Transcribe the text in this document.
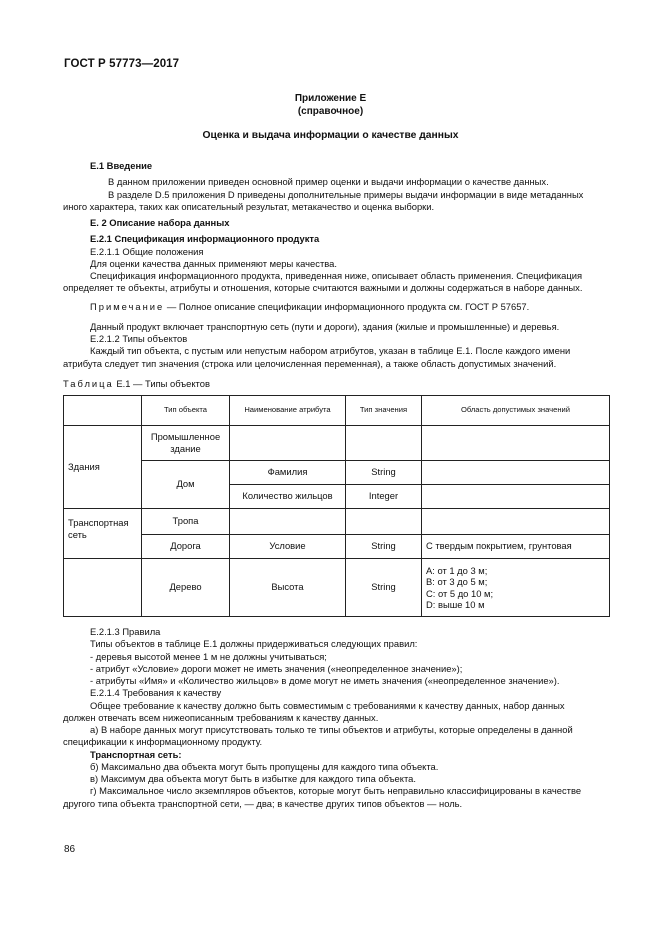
ГОСТ Р 57773—2017
Приложение Е
(справочное)
Оценка и выдача информации о качестве данных

Е.1 Введение

В данном приложении приведен основной пример оценки и выдачи информации о качестве данных.

В разделе D.5 приложения D приведены дополнительные примеры выдачи информации в виде метаданных иного характера, таких как описательный результат, метакачество и оценка выборки.

Е. 2 Описание набора данных

Е.2.1 Спецификация информационного продукта

Е.2.1.1 Общие положения

Для оценки качества данных применяют меры качества.

Спецификация информационного продукта, приведенная ниже, описывает область применения. Спецификация определяет те объекты, атрибуты и отношения, которые считаются важными и должны содержаться в наборе данных.

Примечание — Полное описание спецификации информационного продукта см. ГОСТ Р 57657.

Данный продукт включает транспортную сеть (пути и дороги), здания (жилые и промышленные) и деревья.

Е.2.1.2 Типы объектов

Каждый тип объекта, с пустым или непустым набором атрибутов, указан в таблице Е.1. После каждого имени атрибута следует тип значения (строка или целочисленная переменная), а также область допустимых значений.

Таблица Е.1 — Типы объектов

	Тип объекта	Наименование атрибута	Тип значения	Область допустимых значений
Здания	Промышленное здание			
	Дом	Фамилия	String	
		Количество жильцов	Integer	
Транспортная сеть	Тропа			
	Дорога	Условие	String	С твердым покрытием, грунтовая
	Дерево	Высота	String	А: от 1 до 3 м;
В: от 3 до 5 м;
С: от 5 до 10 м;
D: выше 10 м

Е.2.1.3 Правила

Типы объектов в таблице Е.1 должны придерживаться следующих правил:

- деревья высотой менее 1 м не должны учитываться;

- атрибут «Условие» дороги может не иметь значения («неопределенное значение»);

- атрибуты «Имя» и «Количество жильцов» в доме могут не иметь значения («неопределенное значение»).

Е.2.1.4 Требования к качеству

Общее требование к качеству должно быть совместимым с требованиями к качеству данных, набор данных должен отвечать всем нижеописанным требованиям к качеству данных.

а) В наборе данных могут присутствовать только те типы объектов и атрибуты, которые определены в данной спецификации к информационному продукту.

Транспортная сеть:

б) Максимально два объекта могут быть пропущены для каждого типа объекта.

в) Максимум два объекта могут быть в избытке для каждого типа объекта.

г) Максимальное число экземпляров объектов, которые могут быть неправильно классифицированы в качестве другого типа объекта транспортной сети, — два; в качестве других типов объектов — ноль.

86
